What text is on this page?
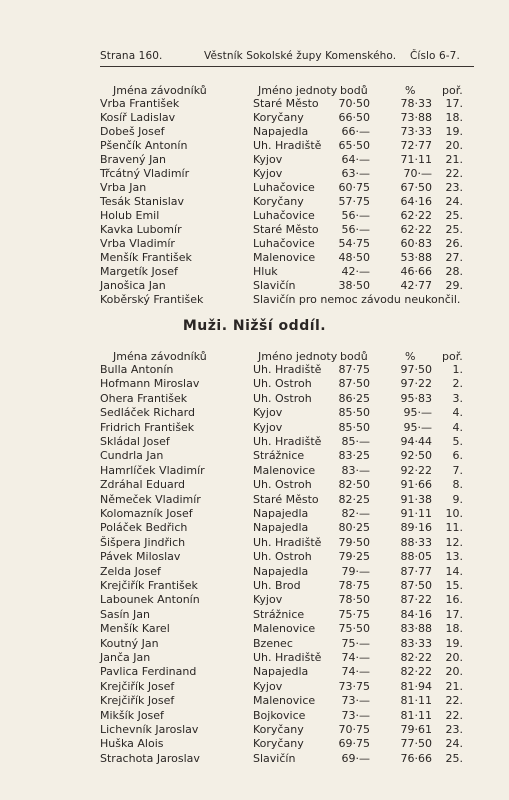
Strana 160.	Věstník Sokolské župy Komenského. Číslo 6-7.
Jména závodníků	Jméno jednoty bodů	% poř.
Vrba František	Staré Město	70·50	78·33 17.
Kosíř Ladislav	Koryčany	66·50	73·88 18.
Dobeš Josef	Napajedla	66·—	73·33 19.
Pšenčík Antonín	Uh. Hradiště	65·50	72·77 20.
Bravený Jan	Kyjov	64·—	71·11 21.
Třcátný Vladimír	Kyjov	63·—	70·— 22.
Vrba Jan	Luhačovice	60·75	67·50 23.
Tesák Stanislav	Koryčany	57·75	64·16 24.
Holub Emil	Luhačovice	56·—	62·22 25.
Kavka Lubomír	Staré Město	56·—	62·22 25.
Vrba Vladimír	Luhačovice	54·75	60·83 26.
Menšík František	Malenovice	48·50	53·88 27.
Margetík Josef	Hluk	42·—	46·66 28.
Janošica Jan	Slavičín	38·50	42·77 29.
Koběrský František	Slavičín pro nemoc závodu neukončil.
Muži. Nižší oddíl.
Jména závodníků	Jméno jednoty bodů	% poř.
Bulla Antonín	Uh. Hradiště	87·75	97·50	1.
Hofmann Miroslav	Uh. Ostroh	87·50	97·22	2.
Ohera František	Uh. Ostroh	86·25	95·83	3.
Sedláček Richard	Kyjov	85·50	95·—	4.
Fridrich František	Kyjov	85·50	95·—	4.
Skládal Josef	Uh. Hradiště	85·—	94·44	5.
Cundrla Jan	Strážnice	83·25	92·50	6.
Hamrlíček Vladimír	Malenovice	83·—	92·22	7.
Zdráhal Eduard	Uh. Ostroh	82·50	91·66	8.
Němeček Vladimír	Staré Město	82·25	91·38	9.
Kolomazník Josef	Napajedla	82·—	91·11 10.
Poláček Bedřich	Napajedla	80·25	89·16 11.
Šišpera Jindřich	Uh. Hradiště	79·50	88·33 12.
Pávek Miloslav	Uh. Ostroh	79·25	88·05 13.
Zelda Josef	Napajedla	79·—	87·77 14.
Krejčiřík František	Uh. Brod	78·75	87·50 15.
Labounek Antonín	Kyjov	78·50	87·22 16.
Sasín Jan	Strážnice	75·75	84·16 17.
Menšík Karel	Malenovice	75·50	83·88 18.
Koutný Jan	Bzenec	75·—	83·33 19.
Janča Jan	Uh. Hradiště	74·—	82·22 20.
Pavlica Ferdinand	Napajedla	74·—	82·22 20.
Krejčiřík Josef	Kyjov	73·75	81·94 21.
Krejčiřík Josef	Malenovice	73·—	81·11 22.
Mikšík Josef	Bojkovice	73·—	81·11 22.
Lichevník Jaroslav	Koryčany	70·75	79·61 23.
Huška Alois	Koryčany	69·75	77·50 24.
Strachota Jaroslav	Slavičín	69·—	76·66 25.
